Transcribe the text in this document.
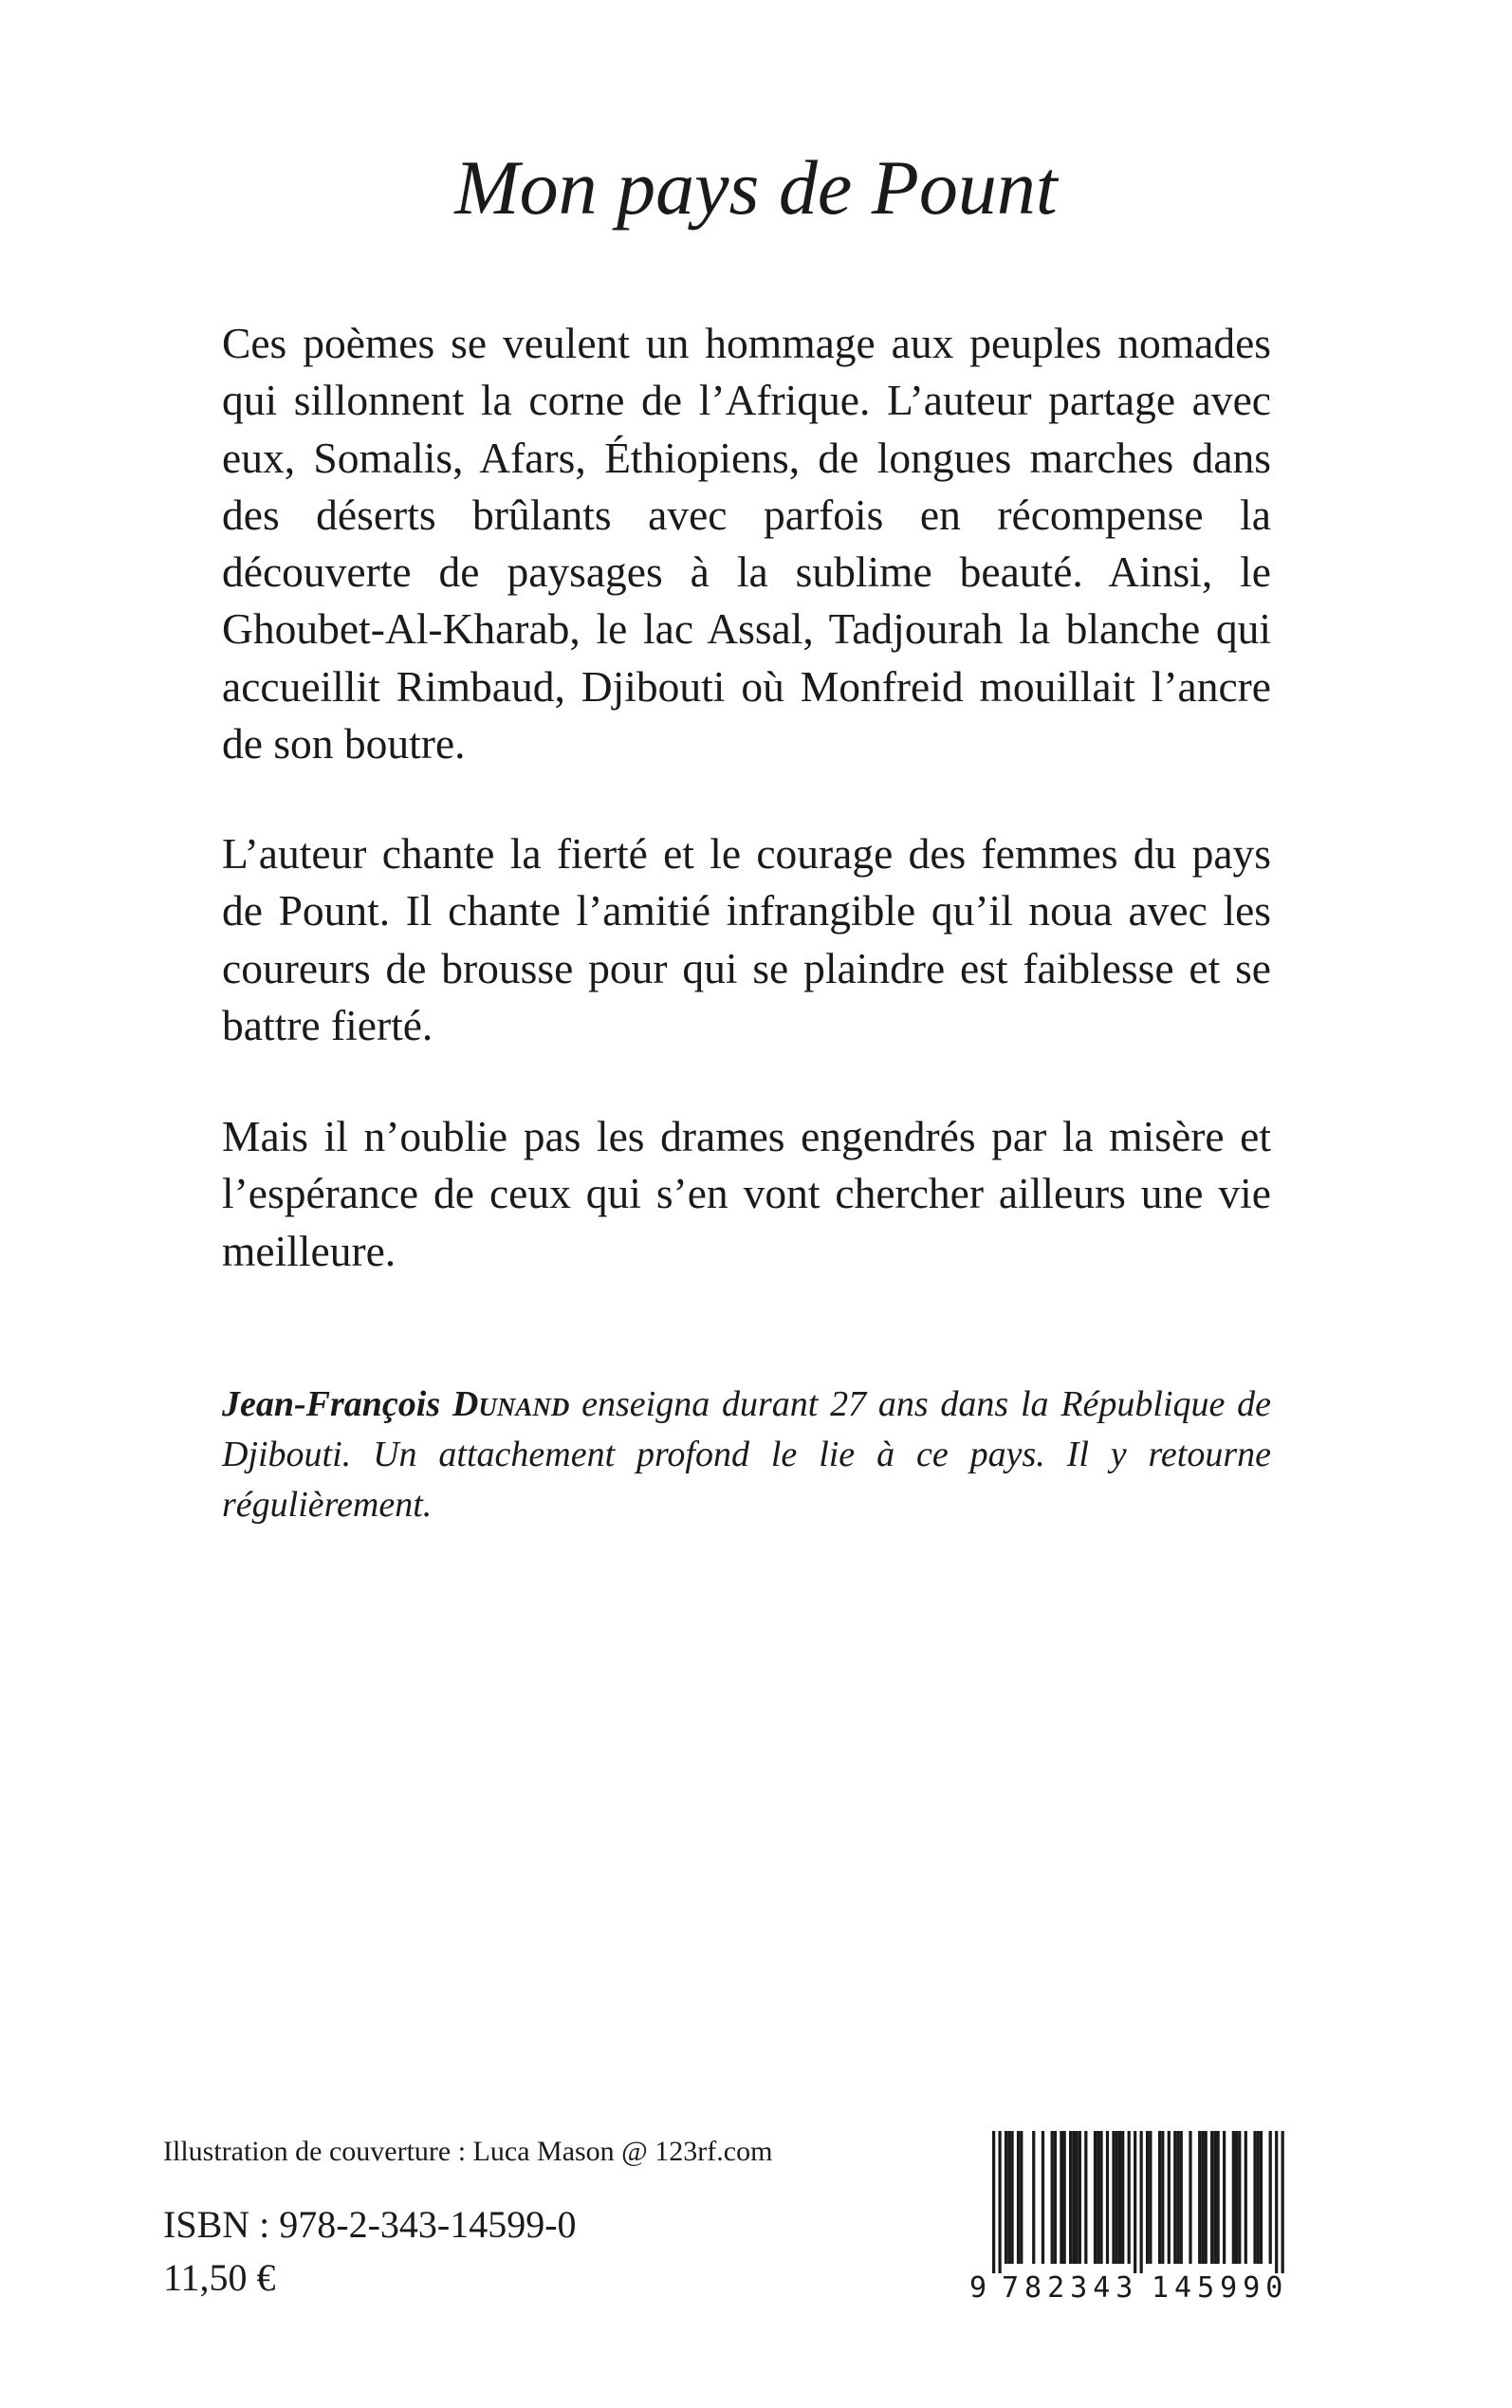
Mon pays de Pount

Ces poèmes se veulent un hommage aux peuples nomades qui sillonnent la corne de l’Afrique. L’auteur partage avec eux, Somalis, Afars, Éthiopiens, de longues marches dans des déserts brûlants avec parfois en récompense la découverte de paysages à la sublime beauté. Ainsi, le Ghoubet-Al-Kharab, le lac Assal, Tadjourah la blanche qui accueillit Rimbaud, Djibouti où Monfreid mouillait l’ancre de son boutre.

L’auteur chante la fierté et le courage des femmes du pays de Pount. Il chante l’amitié infrangible qu’il noua avec les coureurs de brousse pour qui se plaindre est faiblesse et se battre fierté.

Mais il n’oublie pas les drames engendrés par la misère et l’espérance de ceux qui s’en vont chercher ailleurs une vie meilleure.

Jean-François Dunand enseigna durant 27 ans dans la République de Djibouti. Un attachement profond le lie à ce pays. Il y retourne régulièrement.

Illustration de couverture : Luca Mason @ 123rf.com

ISBN : 978-2-343-14599-0

11,50 €	9 782343 145990
